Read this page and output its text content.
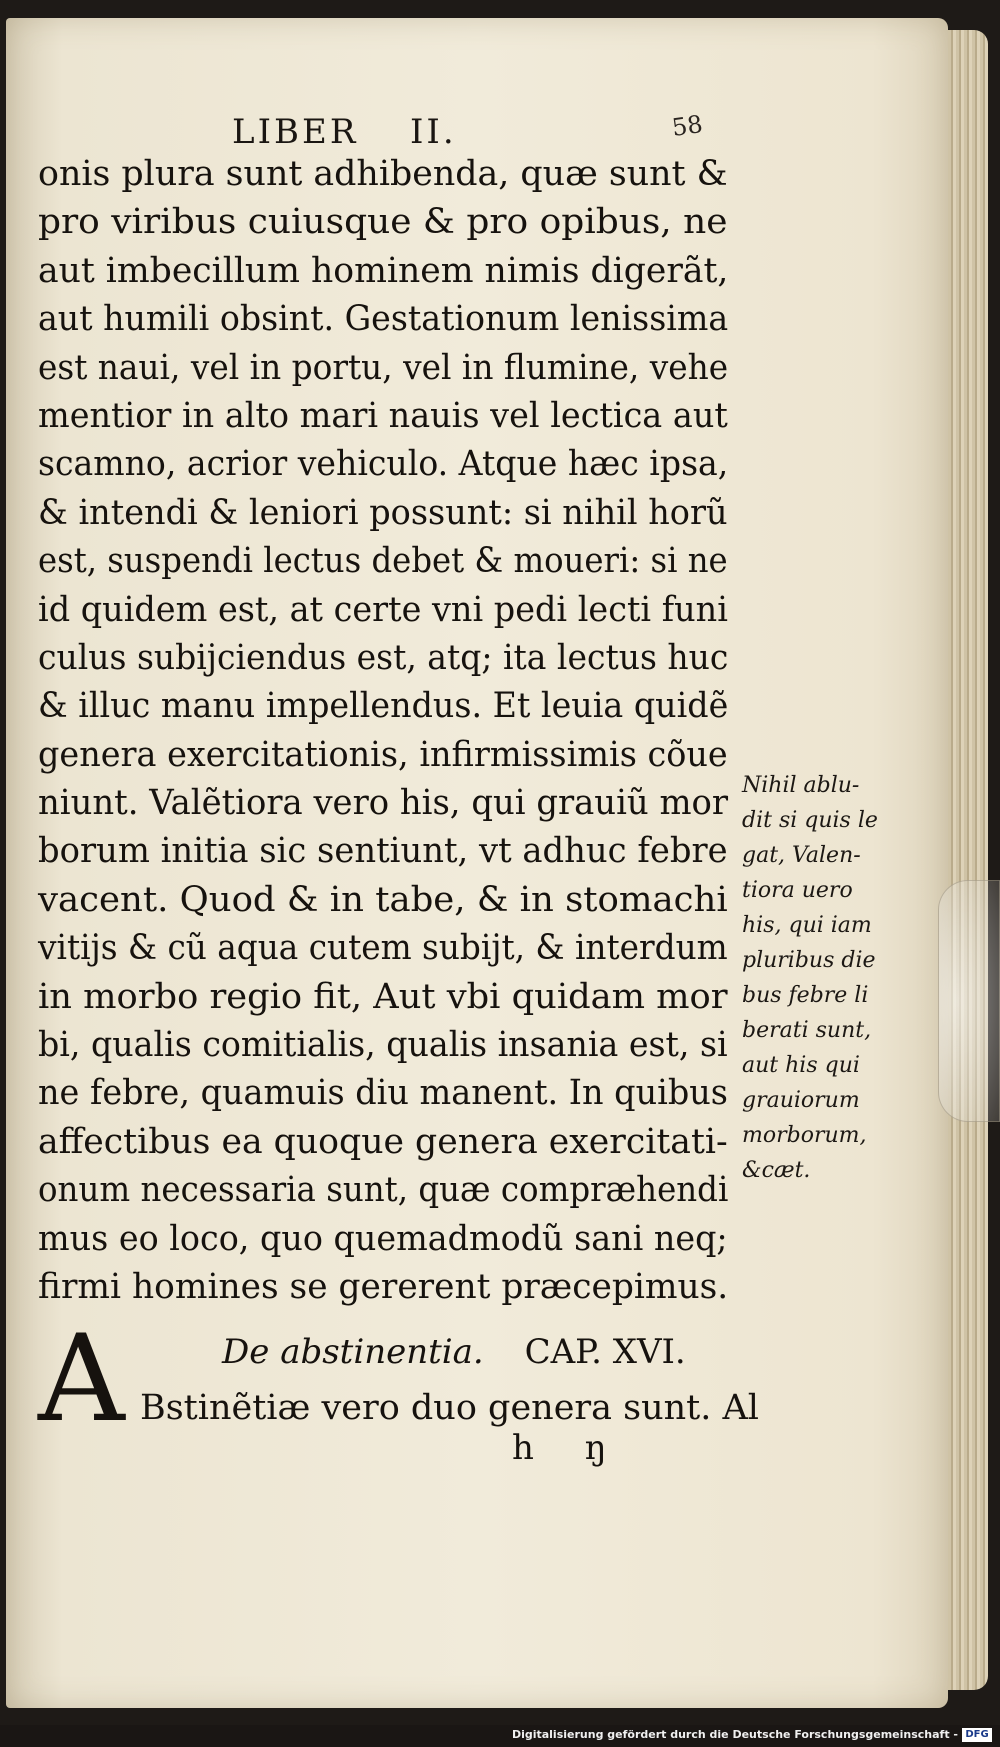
LIBER II.	58
onis plura sunt adhibenda, quæ sunt &
pro viribus cuiusque & pro opibus, ne
aut imbecillum hominem nimis digerãt,
aut humili obsint. Gestationum lenissima
est naui, vel in portu, vel in flumine, vehe
mentior in alto mari nauis vel lectica aut
scamno, acrior vehiculo. Atque hæc ipsa,
& intendi & leniori possunt: si nihil horũ
est, suspendi lectus debet & moueri: si ne
id quidem est, at certe vni pedi lecti funi
culus subijciendus est, atq; ita lectus huc
& illuc manu impellendus. Et leuia quidẽ
genera exercitationis, infirmissimis cõue
niunt. Valẽtiora vero his, qui grauiũ mor
borum initia sic sentiunt, vt adhuc febre
vacent. Quod & in tabe, & in stomachi
vitijs & cũ aqua cutem subijt, & interdum
in morbo regio fit, Aut vbi quidam mor
bi, qualis comitialis, qualis insania est, si
ne febre, quamuis diu manent. In quibus
affectibus ea quoque genera exercitati-
onum necessaria sunt, quæ compræhendi
mus eo loco, quo quemadmodũ sani neq;
firmi homines se gererent præcepimus.
Nihil ablu-
dit si quis le
gat, Valen-
tiora uero
his, qui iam
pluribus die
bus febre li
berati sunt,
aut his qui
grauiorum
morborum,
&cæt.
A	De abstinentia. CAP. XVI.
Bstinẽtiæ vero duo genera sunt. Al
h ŋ
Digitalisierung gefördert durch die Deutsche Forschungsgemeinschaft - DFG
